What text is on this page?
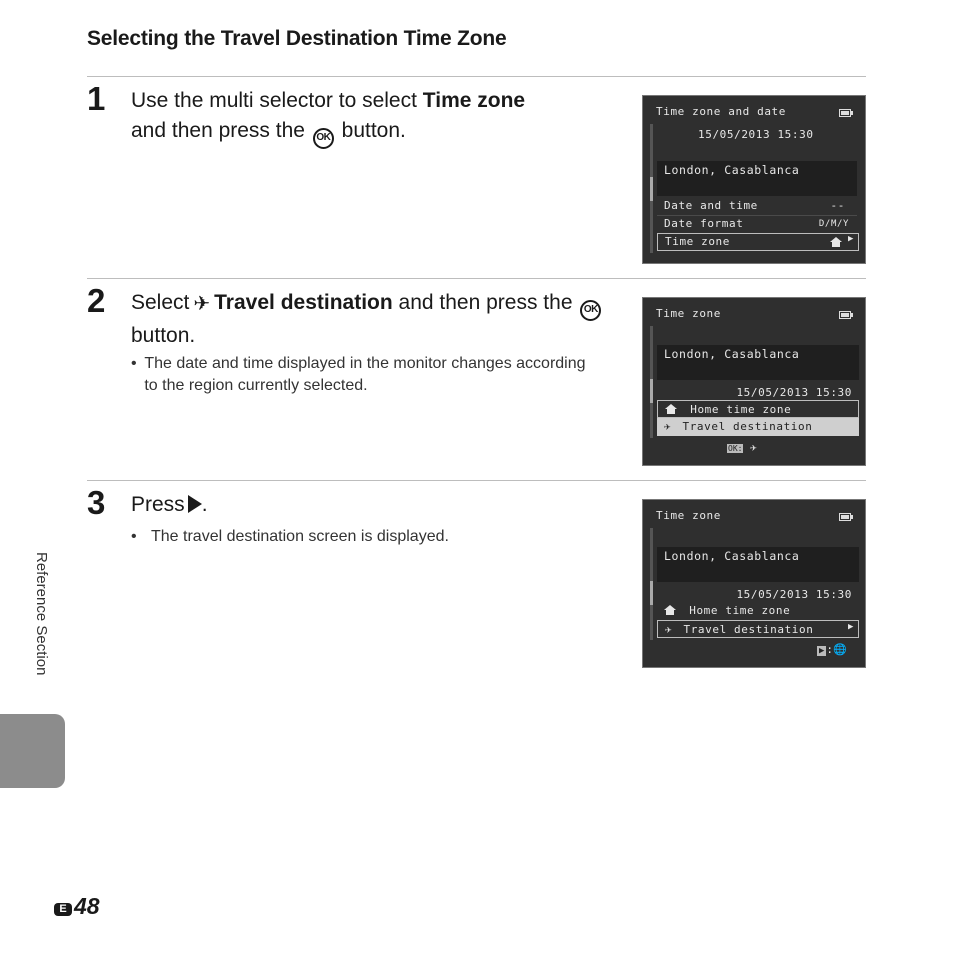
Selecting the Travel Destination Time Zone
1 Use the multi selector to select Time zone
and then press the OK button.
Time zone and date
15/05/2013 15:30
London, Casablanca
Date and time	--
Date format	D/M/Y
Time zone	▶
2 Select ✈ Travel destination and then press the OK button.
• The date and time displayed in the monitor changes according to the region currently selected.
Time zone
London, Casablanca
15/05/2013 15:30
Home time zone
✈ Travel destination
OK: ✈
3 Press .
• The travel destination screen is displayed.
Time zone
London, Casablanca
15/05/2013 15:30
Home time zone
✈ Travel destination	▶
▶ :🌐
Reference Section
E 48
